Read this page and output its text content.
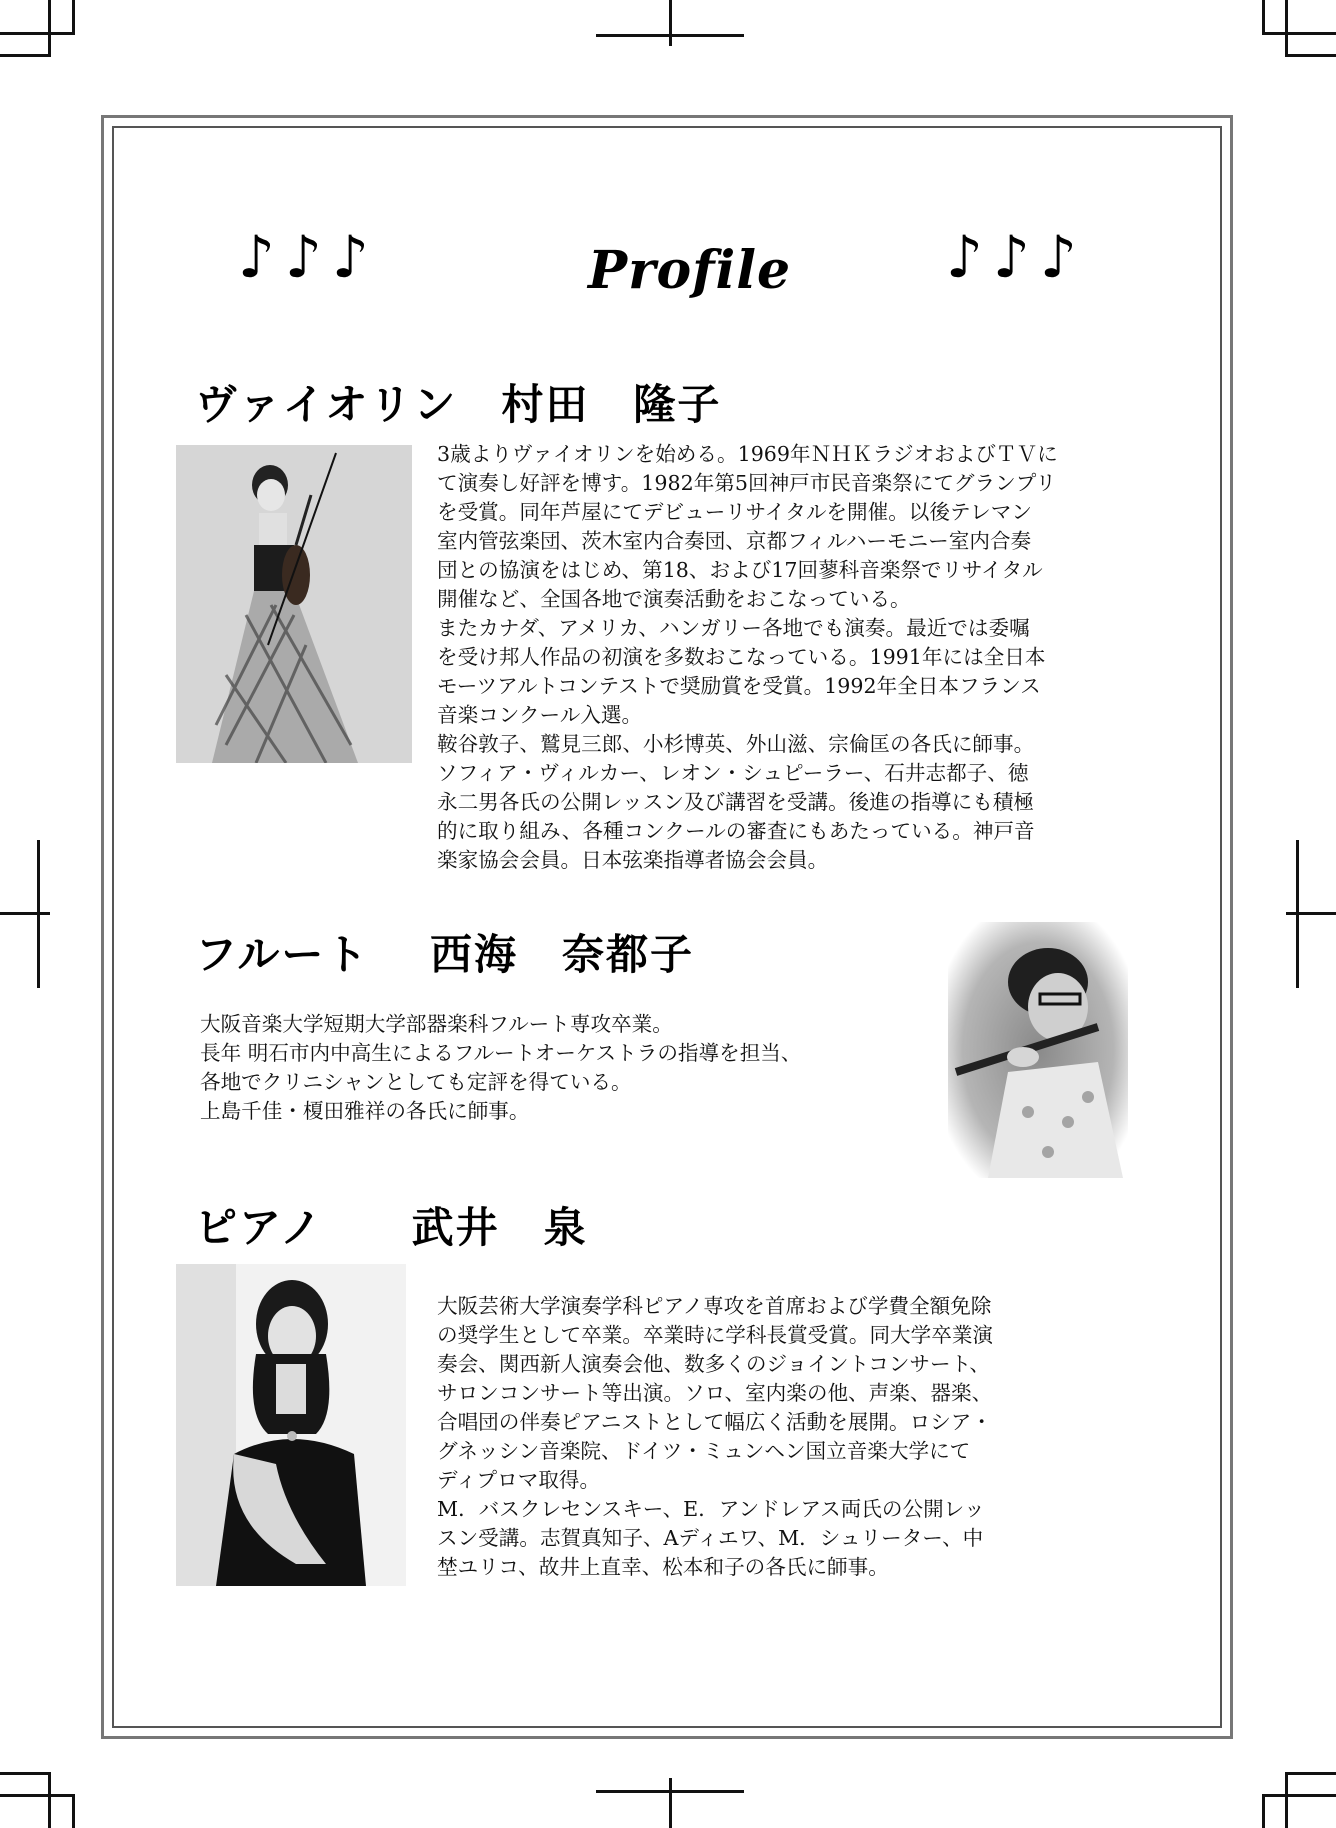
♪♪♪	Profile	♪♪♪
ヴァイオリン　村田　隆子

3歳よりヴァイオリンを始める。1969年ＮＨＫラジオおよびＴＶに
て演奏し好評を博す。1982年第5回神戸市民音楽祭にてグランプリ
を受賞。同年芦屋にてデビューリサイタルを開催。以後テレマン
室内管弦楽団、茨木室内合奏団、京都フィルハーモニー室内合奏
団との協演をはじめ、第18、および17回蓼科音楽祭でリサイタル
開催など、全国各地で演奏活動をおこなっている。
またカナダ、アメリカ、ハンガリー各地でも演奏。最近では委嘱
を受け邦人作品の初演を多数おこなっている。1991年には全日本
モーツアルトコンテストで奨励賞を受賞。1992年全日本フランス
音楽コンクール入選。
鞍谷敦子、鷲見三郎、小杉博英、外山滋、宗倫匡の各氏に師事。
ソフィア・ヴィルカー、レオン・シュピーラー、石井志都子、徳
永二男各氏の公開レッスン及び講習を受講。後進の指導にも積極
的に取り組み、各種コンクールの審査にもあたっている。神戸音
楽家協会会員。日本弦楽指導者協会会員。

フルート　 西海　奈都子

大阪音楽大学短期大学部器楽科フルート専攻卒業。
長年 明石市内中高生によるフルートオーケストラの指導を担当、
各地でクリニシャンとしても定評を得ている。
上島千佳・榎田雅祥の各氏に師事。

ピアノ　　武井　泉

大阪芸術大学演奏学科ピアノ専攻を首席および学費全額免除
の奨学生として卒業。卒業時に学科長賞受賞。同大学卒業演
奏会、関西新人演奏会他、数多くのジョイントコンサート、
サロンコンサート等出演。ソロ、室内楽の他、声楽、器楽、
合唱団の伴奏ピアニストとして幅広く活動を展開。ロシア・
グネッシン音楽院、ドイツ・ミュンヘン国立音楽大学にて
ディプロマ取得。
M．バスクレセンスキー、E．アンドレアス両氏の公開レッ
スン受講。志賀真知子、Aディエワ、M．シュリーター、中
埜ユリコ、故井上直幸、松本和子の各氏に師事。
